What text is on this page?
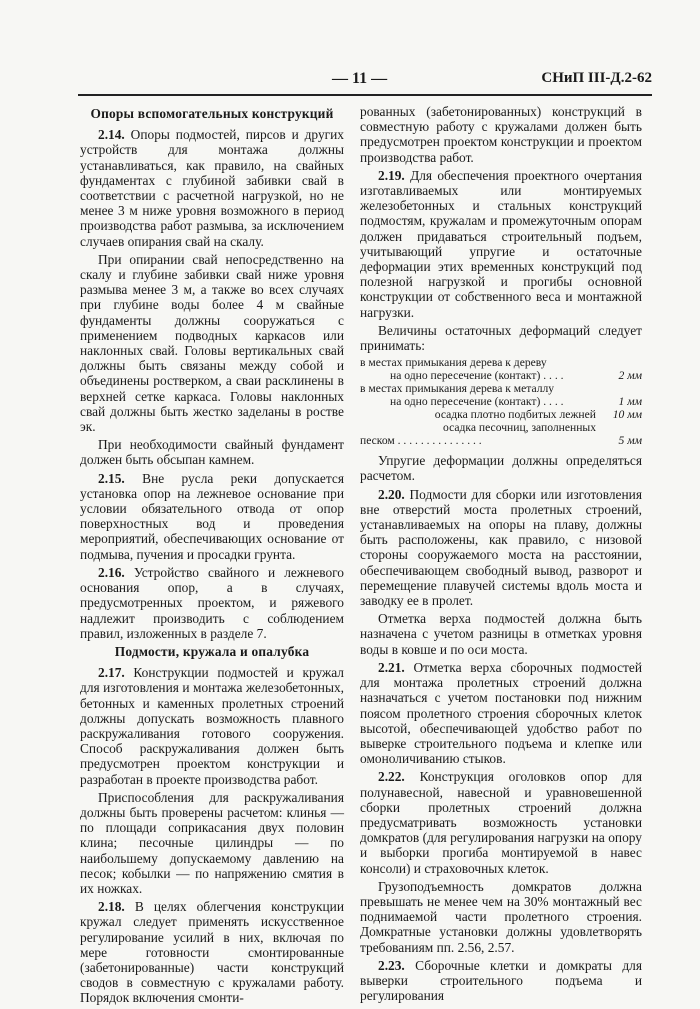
— 11 —	СНиП III-Д.2-62
Опоры вспомогательных конструкций

2.14. Опоры подмостей, пирсов и других устройств для монтажа должны устанавливаться, как правило, на свайных фундаментах с глубиной забивки свай в соответствии с расчетной нагрузкой, но не менее 3 м ниже уровня возможного в период производства работ размыва, за исключением случаев опирания свай на скалу.

При опирании свай непосредственно на скалу и глубине забивки свай ниже уровня размыва менее 3 м, а также во всех случаях при глубине воды более 4 м свайные фундаменты должны сооружаться с применением подводных каркасов или наклонных свай. Головы вертикальных свай должны быть связаны между собой и объединены ростверком, а сваи расклинены в верхней сетке каркаса. Головы наклонных свай должны быть жестко заделаны в ростве эк.

При необходимости свайный фундамент должен быть обсыпан камнем.

2.15. Вне русла реки допускается установка опор на лежневое основание при условии обязательного отвода от опор поверхностных вод и проведения мероприятий, обеспечивающих основание от подмыва, пучения и просадки грунта.

2.16. Устройство свайного и лежневого основания опор, а в случаях, предусмотренных проектом, и ряжевого надлежит производить с соблюдением правил, изложенных в разделе 7.

Подмости, кружала и опалубка

2.17. Конструкции подмостей и кружал для изготовления и монтажа железобетонных, бетонных и каменных пролетных строений должны допускать возможность плавного раскружаливания готового сооружения. Способ раскружаливания должен быть предусмотрен проектом конструкции и разработан в проекте производства работ.

Приспособления для раскружаливания должны быть проверены расчетом: клинья — по площади соприкасания двух половин клина; песочные цилиндры — по наибольшему допускаемому давлению на песок; кобылки — по напряжению смятия в их ножках.

2.18. В целях облегчения конструкции кружал следует применять искусственное регулирование усилий в них, включая по мере готовности смонтированные (забетонированные) части конструкций сводов в совместную с кружалами работу. Порядок включения смонти-

рованных (забетонированных) конструкций в совместную работу с кружалами должен быть предусмотрен проектом конструкции и проектом производства работ.

2.19. Для обеспечения проектного очертания изготавливаемых или монтируемых железобетонных и стальных конструкций подмостям, кружалам и промежуточным опорам должен придаваться строительный подъем, учитывающий упругие и остаточные деформации этих временных конструкций под полезной нагрузкой и прогибы основной конструкции от собственного веса и монтажной нагрузки.

Величины остаточных деформаций следует принимать:

в местах примыкания дерева к дереву
на одно пересечение (контакт) . . . .	2 мм
в местах примыкания дерева к металлу
на одно пересечение (контакт) . . . .	1 мм
осадка плотно подбитых лежней	10 мм
осадка песочниц, заполненных
песком . . . . . . . . . . . . . . .	5 мм

Упругие деформации должны определяться расчетом.

2.20. Подмости для сборки или изготовления вне отверстий моста пролетных строений, устанавливаемых на опоры на плаву, должны быть расположены, как правило, с низовой стороны сооружаемого моста на расстоянии, обеспечивающем свободный вывод, разворот и перемещение плавучей системы вдоль моста и заводку ее в пролет.

Отметка верха подмостей должна быть назначена с учетом разницы в отметках уровня воды в ковше и по оси моста.

2.21. Отметка верха сборочных подмостей для монтажа пролетных строений должна назначаться с учетом постановки под нижним поясом пролетного строения сборочных клеток высотой, обеспечивающей удобство работ по выверке строительного подъема и клепке или омоноличиванию стыков.

2.22. Конструкция оголовков опор для полунавесной, навесной и уравновешенной сборки пролетных строений должна предусматривать возможность установки домкратов (для регулирования нагрузки на опору и выборки прогиба монтируемой в навес консоли) и страховочных клеток.

Грузоподъемность домкратов должна превышать не менее чем на 30% монтажный вес поднимаемой части пролетного строения. Домкратные установки должны удовлетворять требованиям пп. 2.56, 2.57.

2.23. Сборочные клетки и домкраты для выверки строительного подъема и регулирования
